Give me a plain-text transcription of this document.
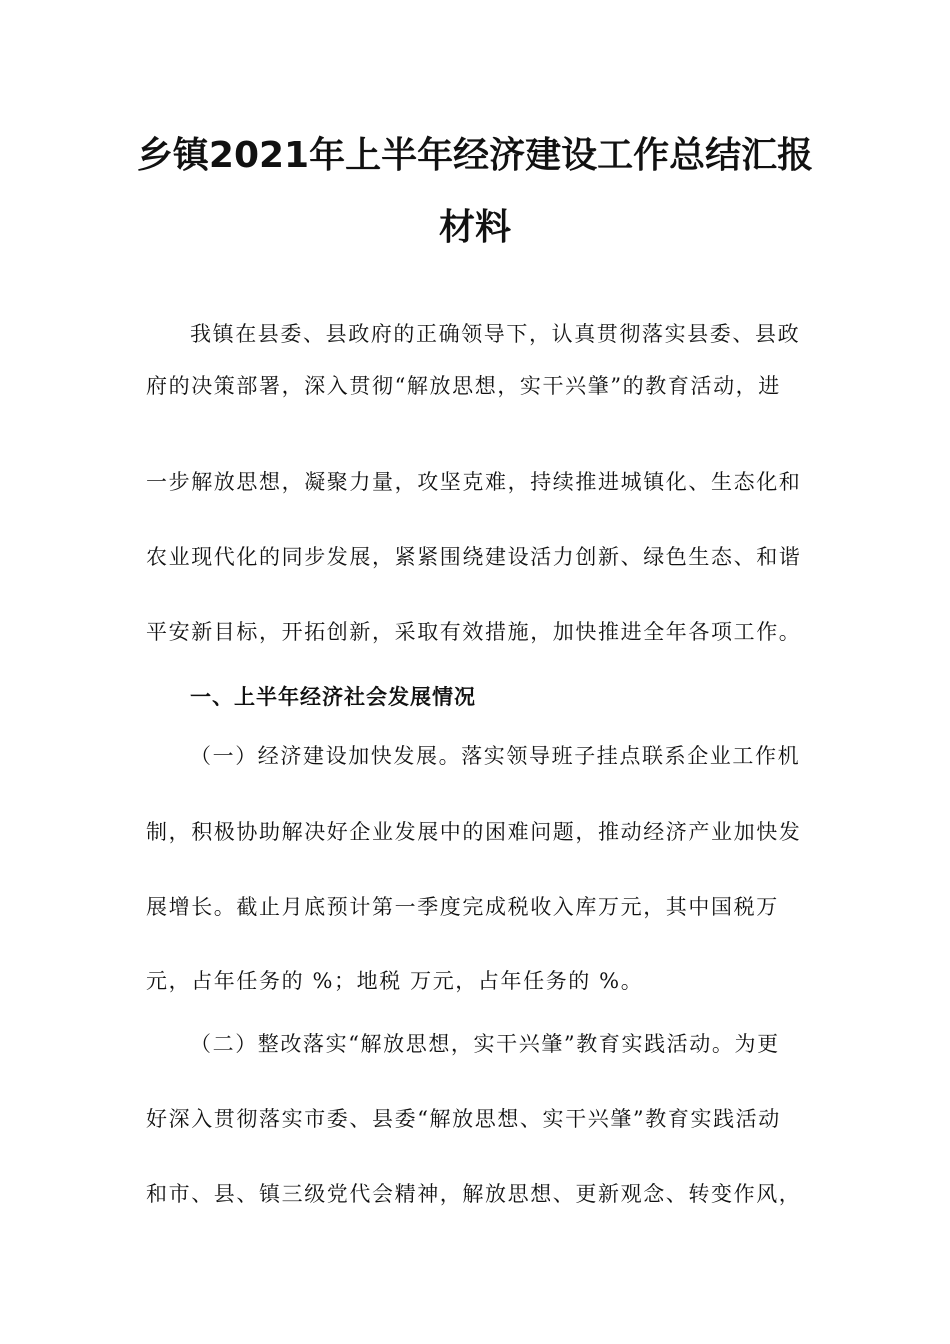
乡镇2021年上半年经济建设工作总结汇报
材料
我镇在县委、县政府的正确领导下，认真贯彻落实县委、县政
府的决策部署，深入贯彻“解放思想，实干兴肇”的教育活动，进
一步解放思想，凝聚力量，攻坚克难，持续推进城镇化、生态化和
农业现代化的同步发展，紧紧围绕建设活力创新、绿色生态、和谐
平安新目标，开拓创新，采取有效措施，加快推进全年各项工作。
一、上半年经济社会发展情况
（一）经济建设加快发展。落实领导班子挂点联系企业工作机
制，积极协助解决好企业发展中的困难问题，推动经济产业加快发
展增长。截止月底预计第一季度完成税收入库万元，其中国税万
元，占年任务的 %；地税 万元，占年任务的 %。
（二）整改落实“解放思想，实干兴肇”教育实践活动。为更
好深入贯彻落实市委、县委“解放思想、实干兴肇”教育实践活动
和市、县、镇三级党代会精神，解放思想、更新观念、转变作风，
